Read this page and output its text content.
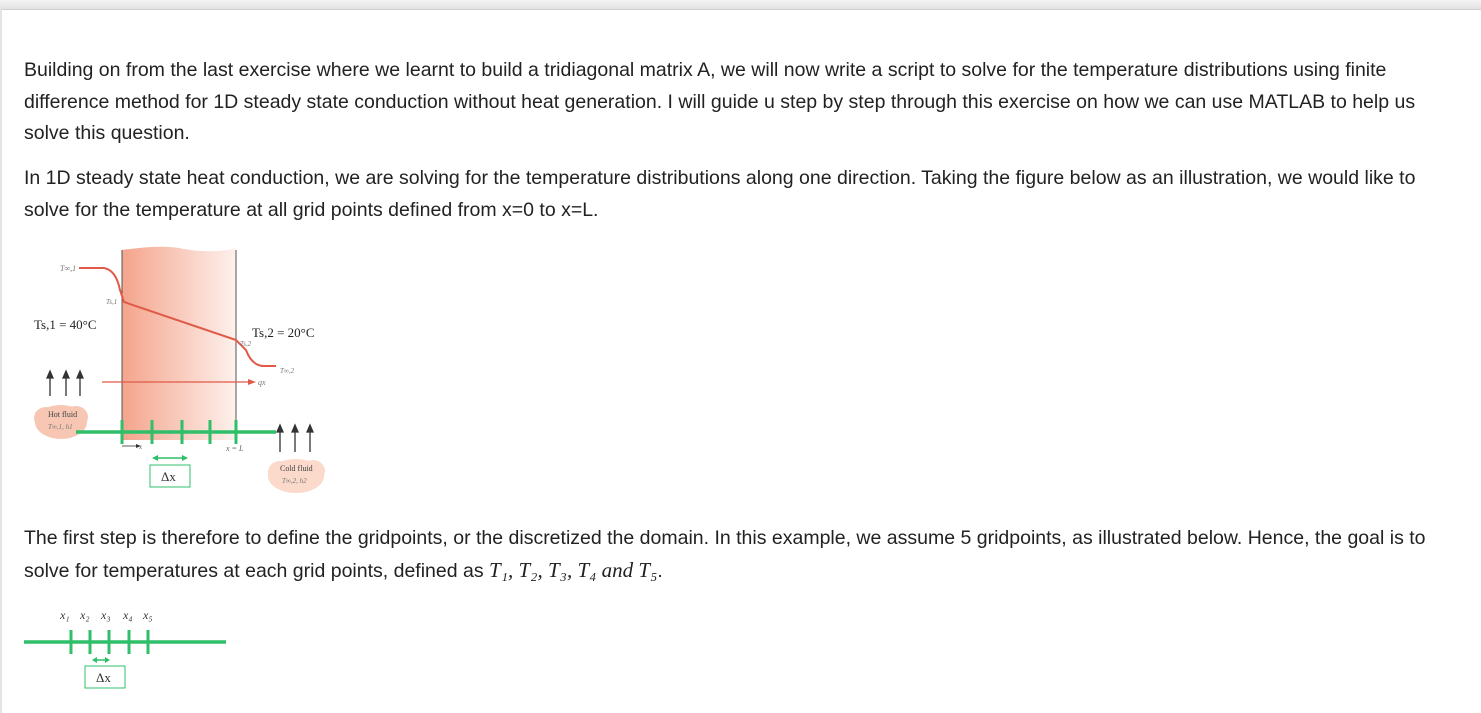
Building on from the last exercise where we learnt to build a tridiagonal matrix A, we will now write a script to solve for the temperature distributions using finite difference method for 1D steady state conduction without heat generation. I will guide u step by step through this exercise on how we can use MATLAB to help us solve this question.

In 1D steady state heat conduction, we are solving for the temperature distributions along one direction. Taking the figure below as an illustration, we would like to solve for the temperature at all grid points defined from x=0 to x=L.

qx
Hot fluid
T∞,1, h1
Cold fluid
T∞,2, h2
x	x = L
Δx
T∞,1
Ts,1
Ts,1 = 40°C
Ts,2 = 20°C
Ts,2
T∞,2

The first step is therefore to define the gridpoints, or the discretized the domain. In this example, we assume 5 gridpoints, as illustrated below. Hence, the goal is to solve for temperatures at each grid points, defined as T₁, T₂, T₃, T₄ and T₅.

x₁ x₂ x₃ x₄ x₅
Δx
